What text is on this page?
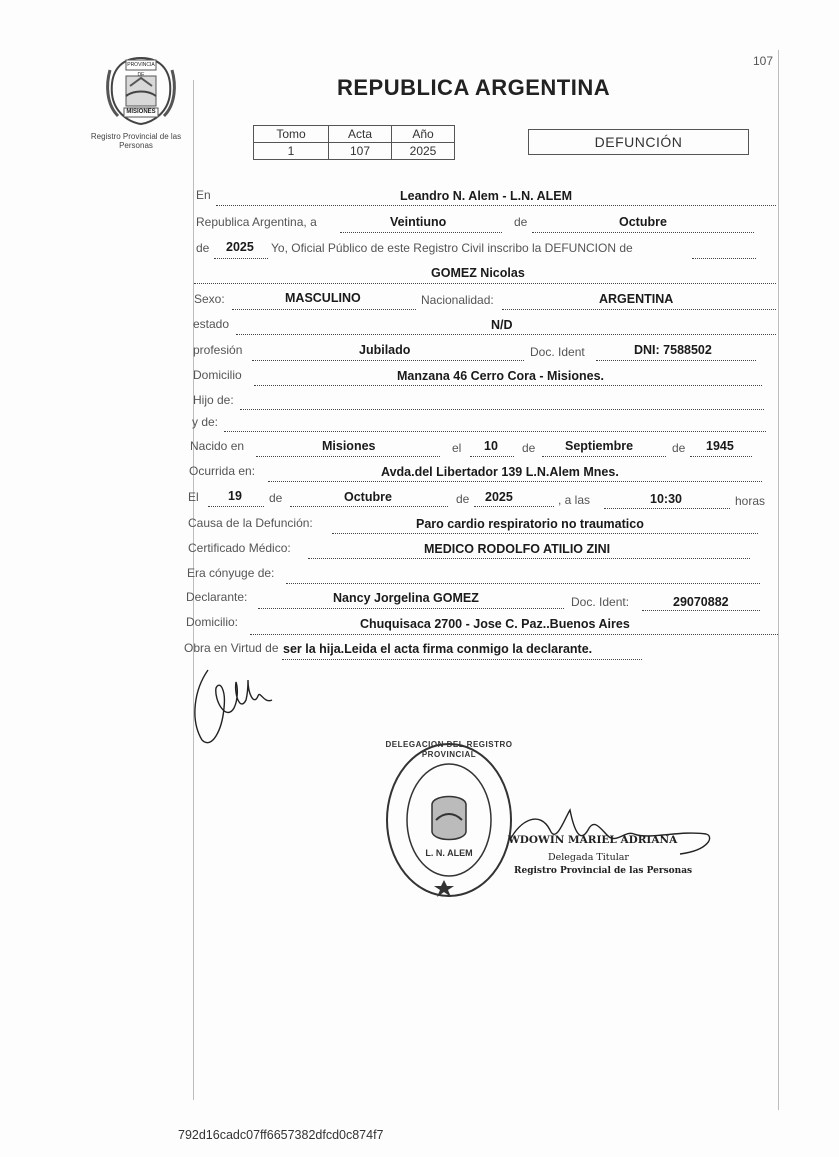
107
PROVINCIA DE
MISIONES
Registro Provincial de las Personas
REPUBLICA ARGENTINA
Tomo	Acta	Año
1	107	2025
DEFUNCIÓN
En	Leandro N. Alem - L.N. ALEM
Republica Argentina, a	Veintiuno	de	Octubre
de 2025 Yo, Oficial Público de este Registro Civil inscribo la DEFUNCION de
GOMEZ Nicolas
Sexo:	MASCULINO	Nacionalidad:	ARGENTINA
estado	N/D
profesión	Jubilado	Doc. Ident	DNI: 7588502
Domicilio	Manzana 46 Cerro Cora - Misiones.
Hijo de:
y de:
Nacido en	Misiones	el 10 de Septiembre	de 1945
Ocurrida en:	Avda.del Libertador 139 L.N.Alem Mnes.
El 19 de	Octubre	de 2025	, a las	10:30	horas
Causa de la Defunción:	Paro cardio respiratorio no traumatico
Certificado Médico:	MEDICO RODOLFO ATILIO ZINI
Era cónyuge de:
Declarante:	Nancy Jorgelina GOMEZ	Doc. Ident:	29070882
Domicilio:	Chuquisaca 2700 - Jose C. Paz..Buenos Aires
Obra en Virtud de ser la hija.Leida el acta firma conmigo la declarante.
DELEGACION DEL REGISTRO PROVINCIAL
L. N. ALEM
WDOWIN MARIEL ADRIANA
Delegada Titular
Registro Provincial de las Personas
792d16cadc07ff6657382dfcd0c874f7
